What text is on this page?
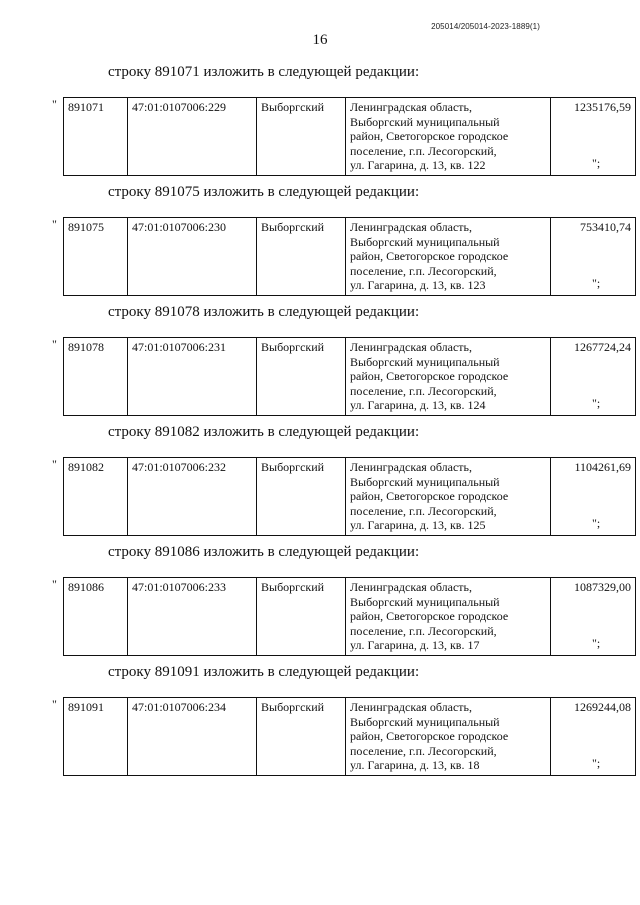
205014/205014-2023-1889(1)
16
строку 891071 изложить в следующей редакции:
" 891071	47:01:0107006:229	Выборгский	Ленинградская область,
Выборгский муниципальный
район, Светогорское городское
поселение, г.п. Лесогорский,
ул. Гагарина, д. 13, кв. 122	1235176,59
";
строку 891075 изложить в следующей редакции:
" 891075	47:01:0107006:230	Выборгский	Ленинградская область,
Выборгский муниципальный
район, Светогорское городское
поселение, г.п. Лесогорский,
ул. Гагарина, д. 13, кв. 123	753410,74
";
строку 891078 изложить в следующей редакции:
" 891078	47:01:0107006:231	Выборгский	Ленинградская область,
Выборгский муниципальный
район, Светогорское городское
поселение, г.п. Лесогорский,
ул. Гагарина, д. 13, кв. 124	1267724,24
";
строку 891082 изложить в следующей редакции:
" 891082	47:01:0107006:232	Выборгский	Ленинградская область,
Выборгский муниципальный
район, Светогорское городское
поселение, г.п. Лесогорский,
ул. Гагарина, д. 13, кв. 125	1104261,69
";
строку 891086 изложить в следующей редакции:
" 891086	47:01:0107006:233	Выборгский	Ленинградская область,
Выборгский муниципальный
район, Светогорское городское
поселение, г.п. Лесогорский,
ул. Гагарина, д. 13, кв. 17	1087329,00
";
строку 891091 изложить в следующей редакции:
" 891091	47:01:0107006:234	Выборгский	Ленинградская область,
Выборгский муниципальный
район, Светогорское городское
поселение, г.п. Лесогорский,
ул. Гагарина, д. 13, кв. 18	1269244,08
";
